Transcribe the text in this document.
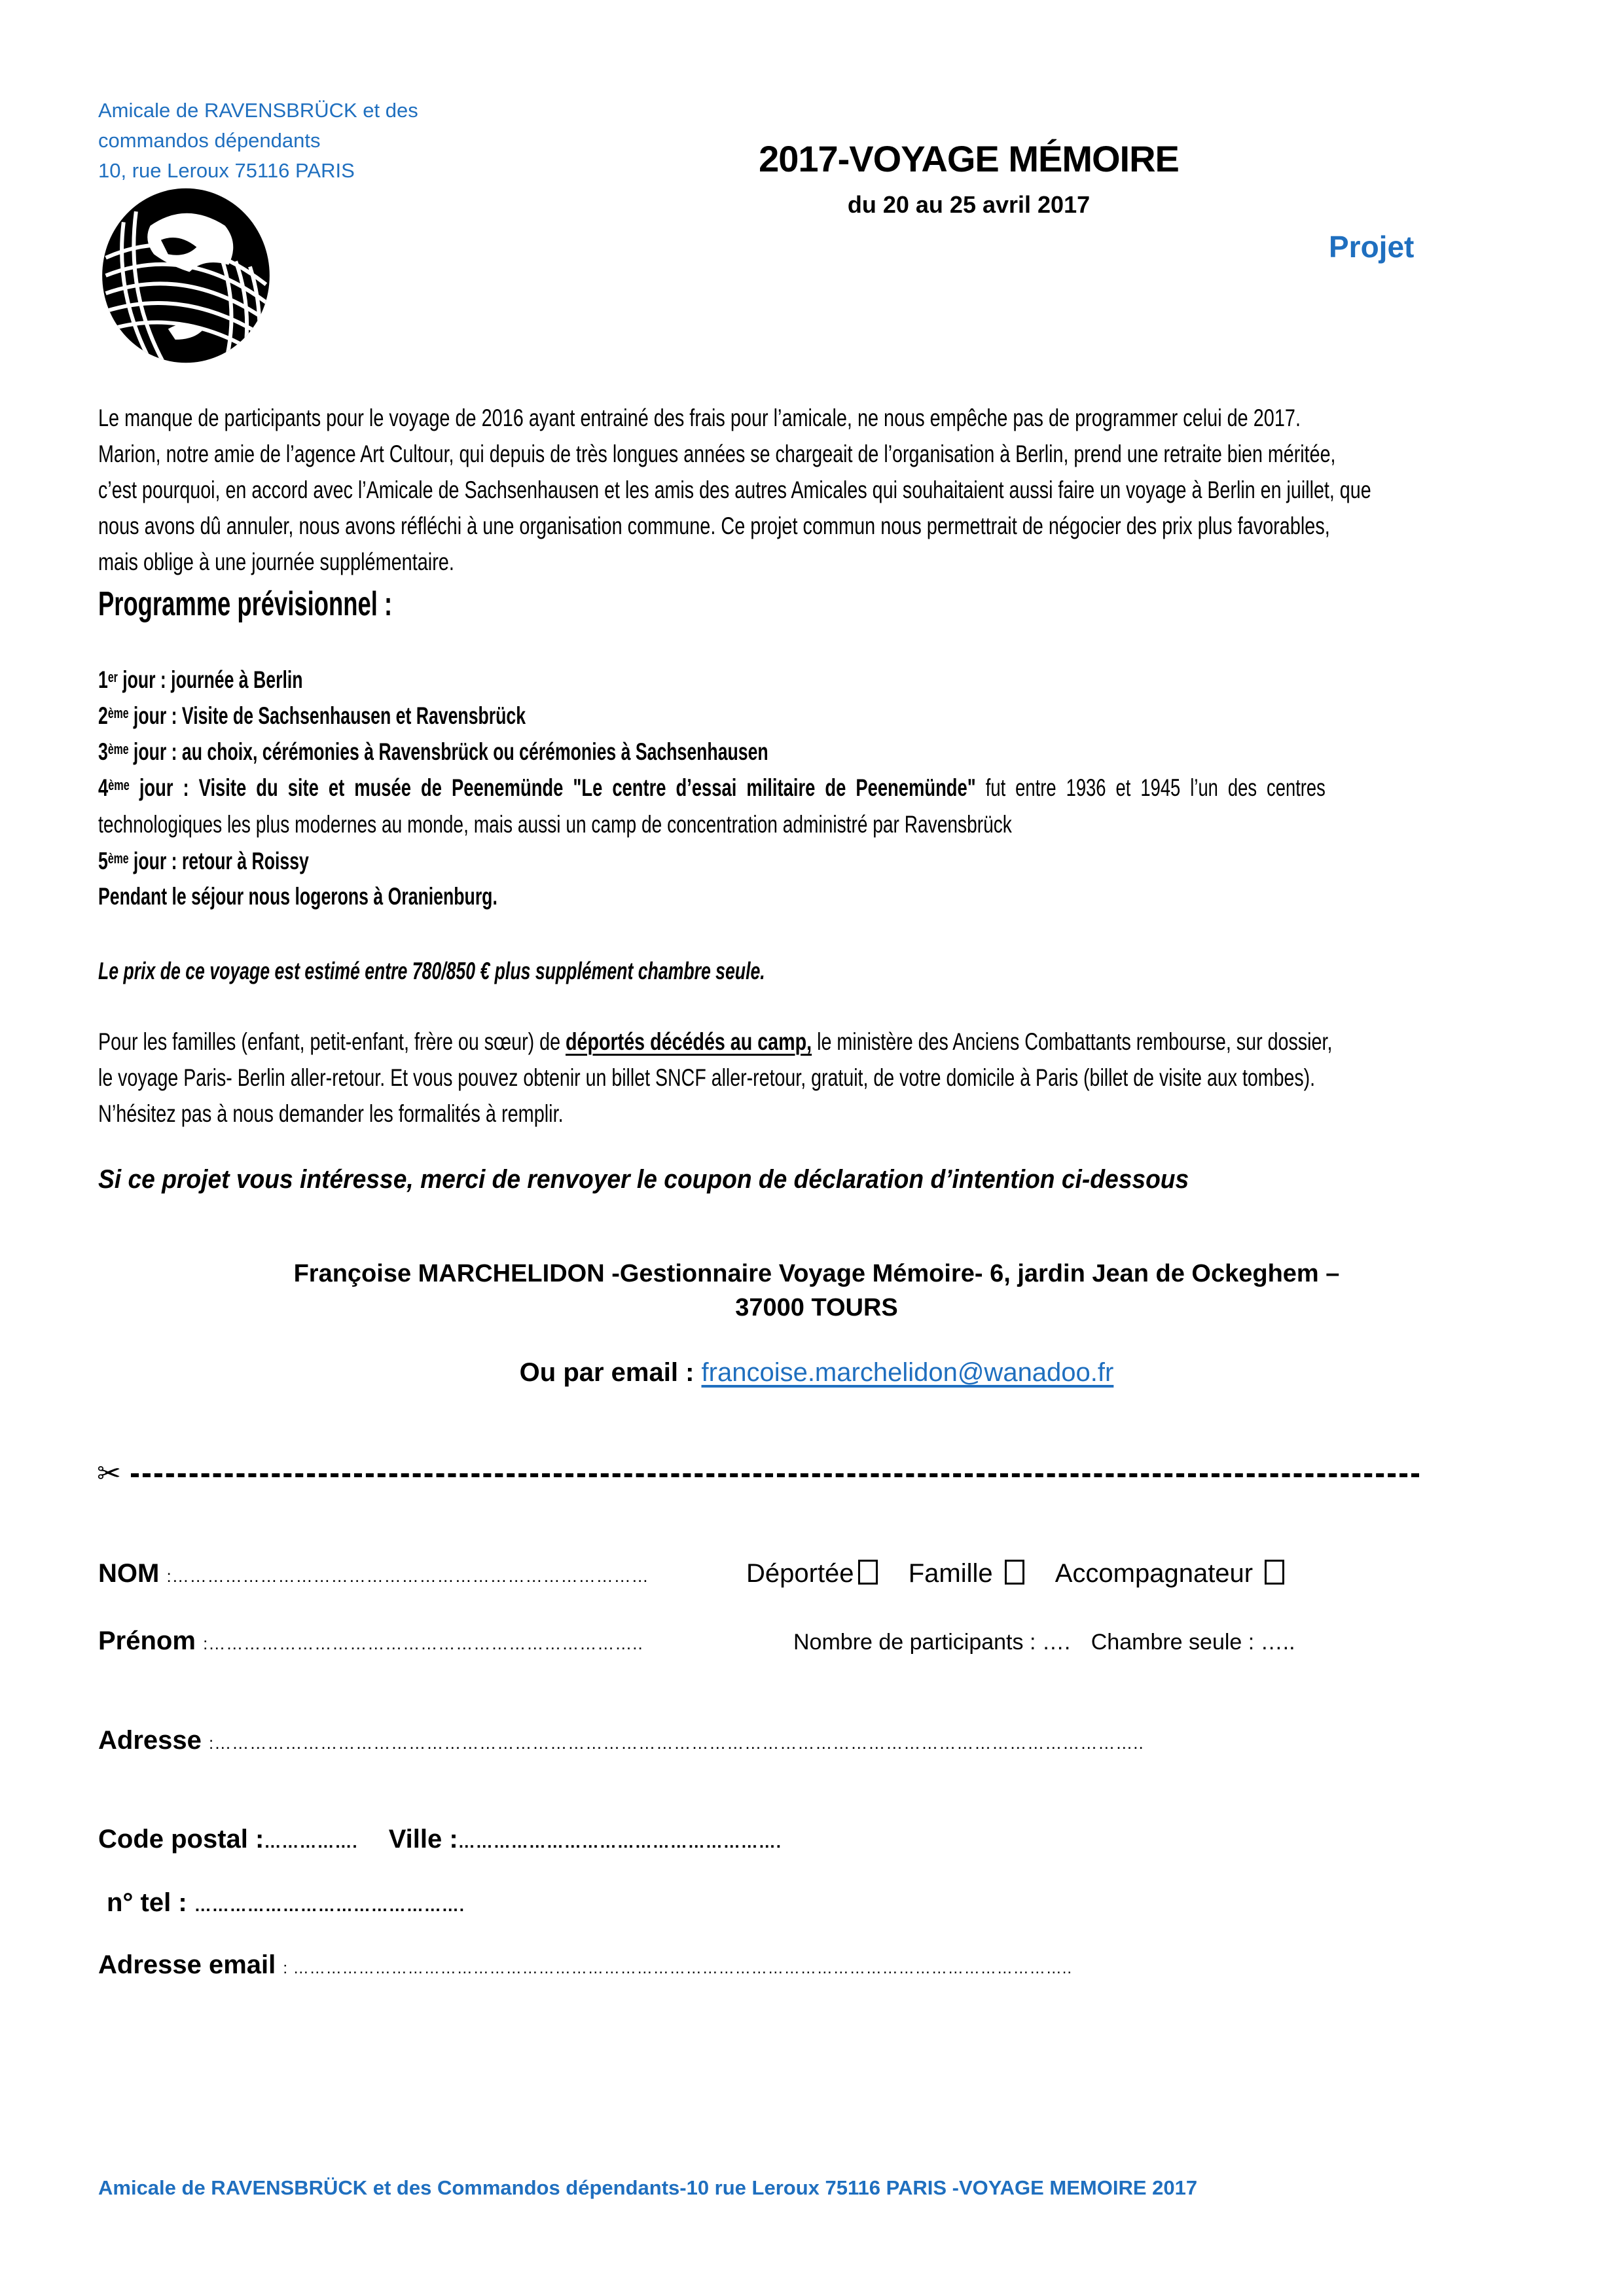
Amicale de RAVENSBRÜCK et des
commandos dépendants
10, rue Leroux 75116 PARIS	2017-VOYAGE MÉMOIRE
du 20 au 25 avril 2017
Projet
Le manque de participants pour le voyage de 2016 ayant entrainé des frais pour l’amicale, ne nous empêche pas de programmer celui de 2017.
Marion, notre amie de l’agence Art Cultour, qui depuis de très longues années se chargeait de l’organisation à Berlin, prend une retraite bien méritée,
c’est pourquoi, en accord avec l’Amicale de Sachsenhausen et les amis des autres Amicales qui souhaitaient aussi faire un voyage à Berlin en juillet, que
nous avons dû annuler, nous avons réfléchi à une organisation commune. Ce projet commun nous permettrait de négocier des prix plus favorables,
mais oblige à une journée supplémentaire.
Programme prévisionnel :
1er jour : journée à Berlin
2ème jour : Visite de Sachsenhausen et Ravensbrück
3ème jour : au choix, cérémonies à Ravensbrück ou cérémonies à Sachsenhausen
4ème jour : Visite du site et musée de Peenemünde "Le centre d’essai militaire de Peenemünde" fut entre 1936 et 1945 l’un des centres
technologiques les plus modernes au monde, mais aussi un camp de concentration administré par Ravensbrück
5ème jour : retour à Roissy
Pendant le séjour nous logerons à Oranienburg.
Le prix de ce voyage est estimé entre 780/850 € plus supplément chambre seule.
Pour les familles (enfant, petit-enfant, frère ou sœur) de déportés décédés au camp, le ministère des Anciens Combattants rembourse, sur dossier,
le voyage Paris- Berlin aller-retour. Et vous pouvez obtenir un billet SNCF aller-retour, gratuit, de votre domicile à Paris (billet de visite aux tombes).
N’hésitez pas à nous demander les formalités à remplir.
Si ce projet vous intéresse, merci de renvoyer le coupon de déclaration d’intention ci-dessous
Françoise MARCHELIDON -Gestionnaire Voyage Mémoire- 6, jardin Jean de Ockeghem –
37000 TOURS
Ou par email : francoise.marchelidon@wanadoo.fr
✂
NOM :………………………………………………………………………	Déportée Famille Accompagnateur
Prénom :………………………………………………………………..	Nombre de participants : …. Chambre seule : …..
Adresse :…………………………………………………………………………………………………………………………………………..
Code postal :……………. Ville :……………………………………………….
n° tel : ……………………………………….
Adresse email : ……………………………………………………………………………………………………………………………..
Amicale de RAVENSBRÜCK et des Commandos dépendants-10 rue Leroux 75116 PARIS -VOYAGE MEMOIRE 2017
